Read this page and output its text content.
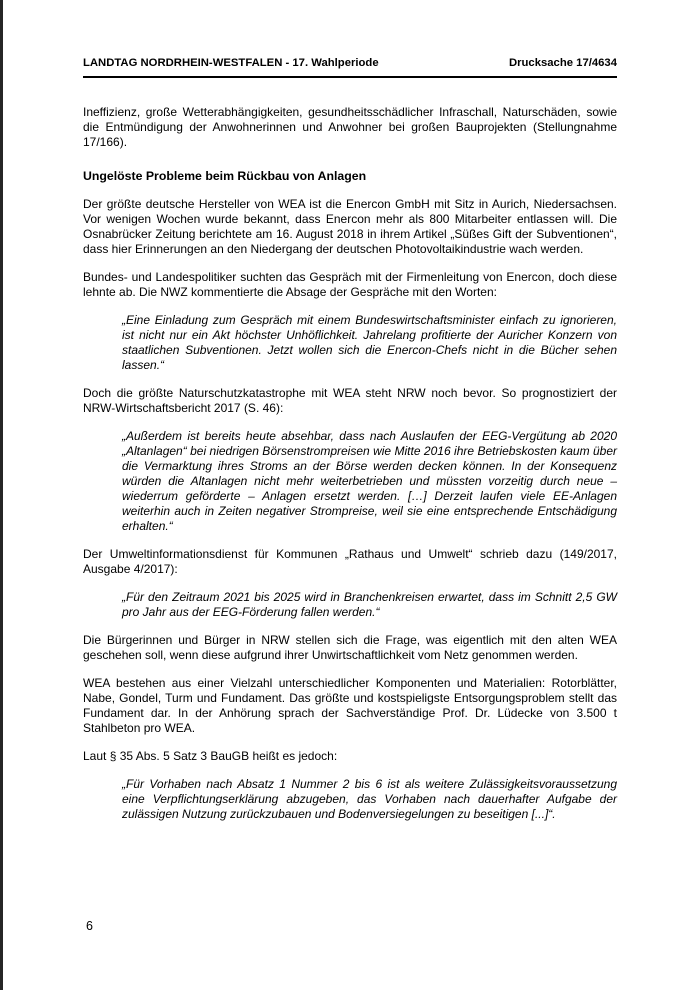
LANDTAG NORDRHEIN-WESTFALEN - 17. Wahlperiode	Drucksache 17/4634

Ineffizienz, große Wetterabhängigkeiten, gesundheitsschädlicher Infraschall, Naturschäden, sowie die Entmündigung der Anwohnerinnen und Anwohner bei großen Bauprojekten (Stellungnahme 17/166).

Ungelöste Probleme beim Rückbau von Anlagen

Der größte deutsche Hersteller von WEA ist die Enercon GmbH mit Sitz in Aurich, Niedersachsen. Vor wenigen Wochen wurde bekannt, dass Enercon mehr als 800 Mitarbeiter entlassen will. Die Osnabrücker Zeitung berichtete am 16. August 2018 in ihrem Artikel „Süßes Gift der Subventionen“, dass hier Erinnerungen an den Niedergang der deutschen Photovoltaikindustrie wach werden.

Bundes- und Landespolitiker suchten das Gespräch mit der Firmenleitung von Enercon, doch diese lehnte ab. Die NWZ kommentierte die Absage der Gespräche mit den Worten:

„Eine Einladung zum Gespräch mit einem Bundeswirtschaftsminister einfach zu ignorieren, ist nicht nur ein Akt höchster Unhöflichkeit. Jahrelang profitierte der Auricher Konzern von staatlichen Subventionen. Jetzt wollen sich die Enercon-Chefs nicht in die Bücher sehen lassen.“

Doch die größte Naturschutzkatastrophe mit WEA steht NRW noch bevor. So prognostiziert der NRW-Wirtschaftsbericht 2017 (S. 46):

„Außerdem ist bereits heute absehbar, dass nach Auslaufen der EEG-Vergütung ab 2020 „Altanlagen“ bei niedrigen Börsenstrompreisen wie Mitte 2016 ihre Betriebskosten kaum über die Vermarktung ihres Stroms an der Börse werden decken können. In der Konsequenz würden die Altanlagen nicht mehr weiterbetrieben und müssten vorzeitig durch neue – wiederrum geförderte – Anlagen ersetzt werden. […] Derzeit laufen viele EE-Anlagen weiterhin auch in Zeiten negativer Strompreise, weil sie eine entsprechende Entschädigung erhalten.“

Der Umweltinformationsdienst für Kommunen „Rathaus und Umwelt“ schrieb dazu (149/2017, Ausgabe 4/2017):

„Für den Zeitraum 2021 bis 2025 wird in Branchenkreisen erwartet, dass im Schnitt 2,5 GW pro Jahr aus der EEG-Förderung fallen werden.“

Die Bürgerinnen und Bürger in NRW stellen sich die Frage, was eigentlich mit den alten WEA geschehen soll, wenn diese aufgrund ihrer Unwirtschaftlichkeit vom Netz genommen werden.

WEA bestehen aus einer Vielzahl unterschiedlicher Komponenten und Materialien: Rotorblätter, Nabe, Gondel, Turm und Fundament. Das größte und kostspieligste Entsorgungsproblem stellt das Fundament dar. In der Anhörung sprach der Sachverständige Prof. Dr. Lüdecke von 3.500 t Stahlbeton pro WEA.

Laut § 35 Abs. 5 Satz 3 BauGB heißt es jedoch:

„Für Vorhaben nach Absatz 1 Nummer 2 bis 6 ist als weitere Zulässigkeitsvoraussetzung eine Verpflichtungserklärung abzugeben, das Vorhaben nach dauerhafter Aufgabe der zulässigen Nutzung zurückzubauen und Bodenversiegelungen zu beseitigen [...]“.
6
